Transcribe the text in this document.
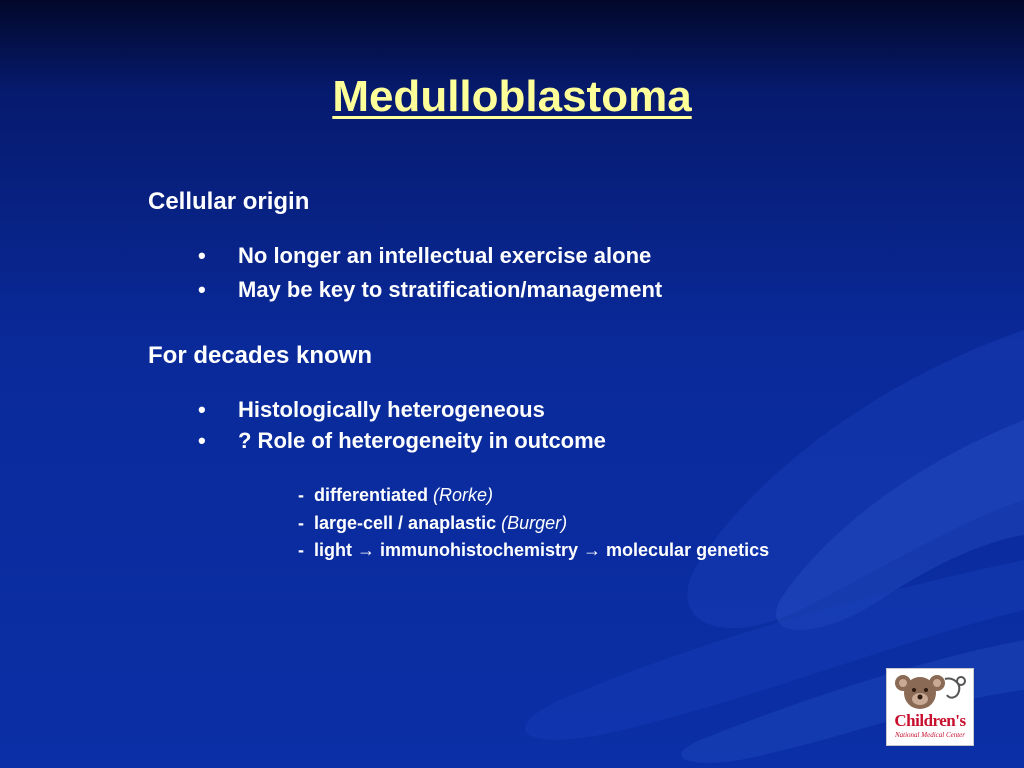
Medulloblastoma
Cellular origin
• No longer an intellectual exercise alone
• May be key to stratification/management
For decades known
• Histologically heterogeneous
• ? Role of heterogeneity in outcome
- differentiated (Rorke)
- large-cell / anaplastic (Burger)
- light → immunohistochemistry → molecular genetics
Children's
National Medical Center
